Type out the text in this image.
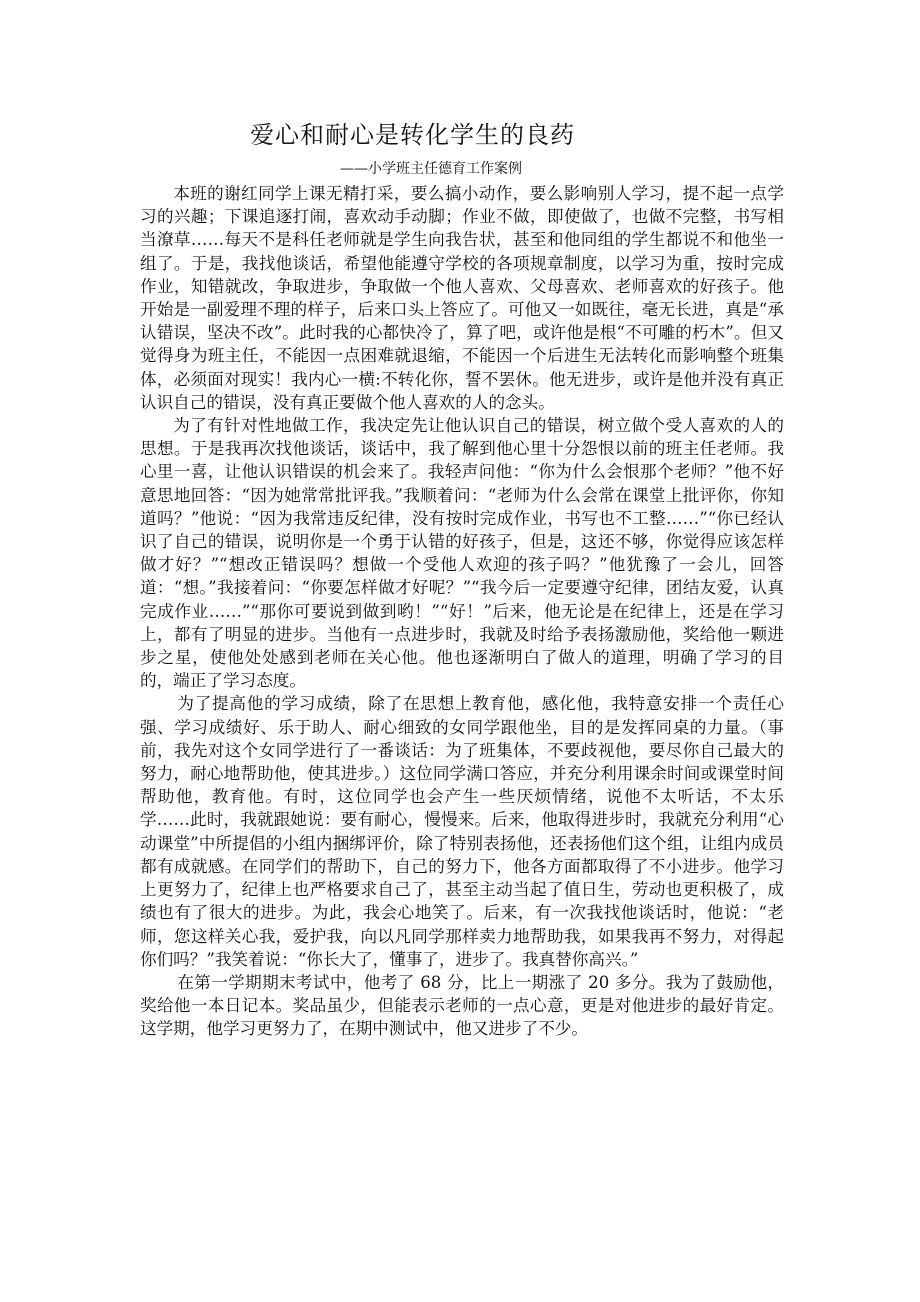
爱心和耐心是转化学生的良药
——小学班主任德育工作案例

本班的谢红同学上课无精打采，要么搞小动作，要么影响别人学习，提不起一点学习的兴趣；下课追逐打闹，喜欢动手动脚；作业不做，即使做了，也做不完整，书写相当潦草……每天不是科任老师就是学生向我告状，甚至和他同组的学生都说不和他坐一组了。于是，我找他谈话，希望他能遵守学校的各项规章制度，以学习为重，按时完成作业，知错就改，争取进步，争取做一个他人喜欢、父母喜欢、老师喜欢的好孩子。他开始是一副爱理不理的样子，后来口头上答应了。可他又一如既往，毫无长进，真是“承认错误，坚决不改”。此时我的心都快冷了，算了吧，或许他是根“不可雕的朽木”。但又觉得身为班主任，不能因一点困难就退缩，不能因一个后进生无法转化而影响整个班集体，必须面对现实！我内心一横:不转化你，誓不罢休。他无进步，或许是他并没有真正认识自己的错误，没有真正要做个他人喜欢的人的念头。

为了有针对性地做工作，我决定先让他认识自己的错误，树立做个受人喜欢的人的思想。于是我再次找他谈话，谈话中，我了解到他心里十分怨恨以前的班主任老师。我心里一喜，让他认识错误的机会来了。我轻声问他：“你为什么会恨那个老师？”他不好意思地回答：“因为她常常批评我。”我顺着问：“老师为什么会常在课堂上批评你，你知道吗？”他说：“因为我常违反纪律，没有按时完成作业，书写也不工整……”“你已经认识了自己的错误，说明你是一个勇于认错的好孩子，但是，这还不够，你觉得应该怎样做才好？”“想改正错误吗？想做一个受他人欢迎的孩子吗？”他犹豫了一会儿，回答道：“想。”我接着问：“你要怎样做才好呢？”“我今后一定要遵守纪律，团结友爱，认真完成作业……”“那你可要说到做到哟！”“好！”后来，他无论是在纪律上，还是在学习上，都有了明显的进步。当他有一点进步时，我就及时给予表扬激励他，奖给他一颗进步之星，使他处处感到老师在关心他。他也逐渐明白了做人的道理，明确了学习的目的，端正了学习态度。

为了提高他的学习成绩，除了在思想上教育他，感化他，我特意安排一个责任心强、学习成绩好、乐于助人、耐心细致的女同学跟他坐，目的是发挥同桌的力量。（事前，我先对这个女同学进行了一番谈话：为了班集体，不要歧视他，要尽你自己最大的努力，耐心地帮助他，使其进步。）这位同学满口答应，并充分利用课余时间或课堂时间帮助他，教育他。有时，这位同学也会产生一些厌烦情绪，说他不太听话，不太乐学……此时，我就跟她说：要有耐心，慢慢来。后来，他取得进步时，我就充分利用“心动课堂”中所提倡的小组内捆绑评价，除了特别表扬他，还表扬他们这个组，让组内成员都有成就感。在同学们的帮助下，自己的努力下，他各方面都取得了不小进步。他学习上更努力了，纪律上也严格要求自己了，甚至主动当起了值日生，劳动也更积极了，成绩也有了很大的进步。为此，我会心地笑了。后来，有一次我找他谈话时，他说：“老师，您这样关心我，爱护我，向以凡同学那样卖力地帮助我，如果我再不努力，对得起你们吗？”我笑着说：“你长大了，懂事了，进步了。我真替你高兴。”

在第一学期期末考试中，他考了 68 分，比上一期涨了 20 多分。我为了鼓励他，奖给他一本日记本。奖品虽少，但能表示老师的一点心意，更是对他进步的最好肯定。这学期，他学习更努力了，在期中测试中，他又进步了不少。
